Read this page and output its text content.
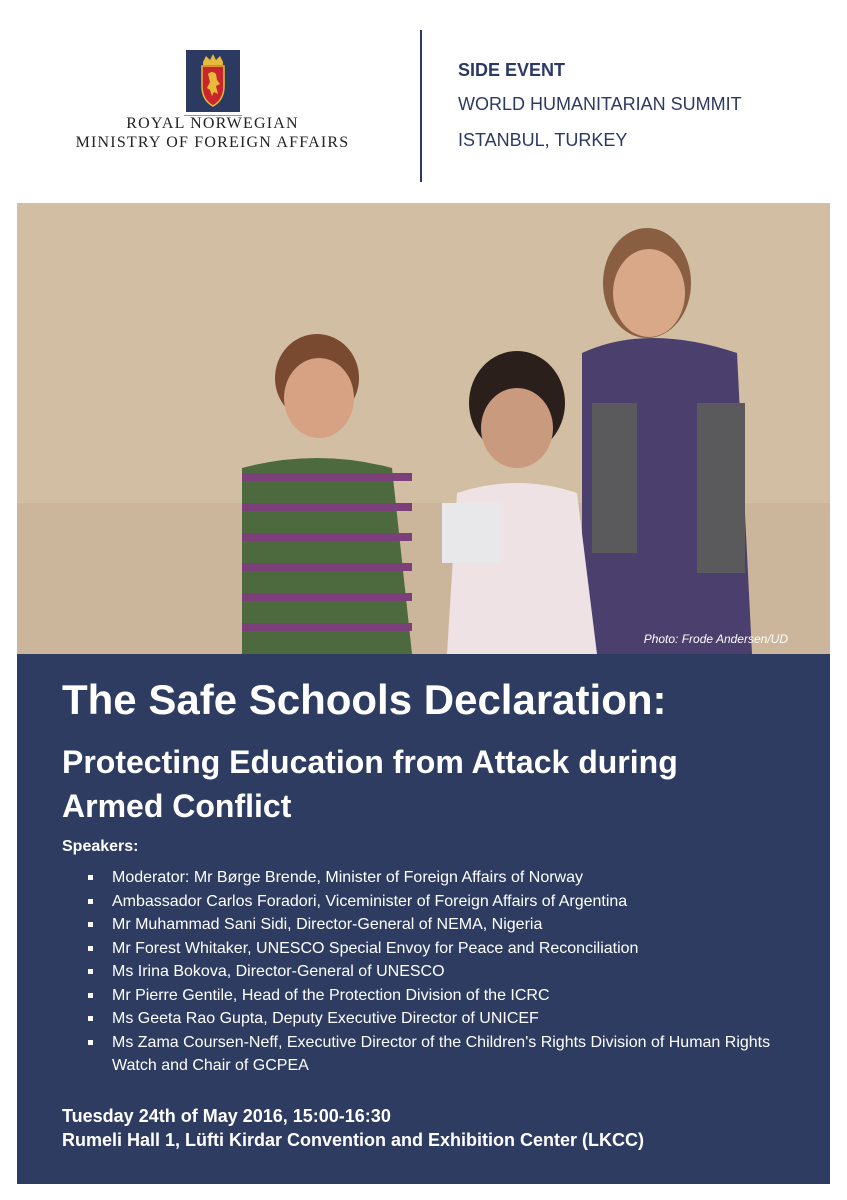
ROYAL NORWEGIAN
MINISTRY OF FOREIGN AFFAIRS
SIDE EVENT
WORLD HUMANITARIAN SUMMIT
ISTANBUL, TURKEY
Photo: Frode Andersen/UD
The Safe Schools Declaration:
Protecting Education from Attack during Armed Conflict
Speakers:
Moderator: Mr Børge Brende, Minister of Foreign Affairs of Norway
Ambassador Carlos Foradori, Viceminister of Foreign Affairs of Argentina
Mr Muhammad Sani Sidi, Director-General of NEMA, Nigeria
Mr Forest Whitaker, UNESCO Special Envoy for Peace and Reconciliation
Ms Irina Bokova, Director-General of UNESCO
Mr Pierre Gentile, Head of the Protection Division of the ICRC
Ms Geeta Rao Gupta, Deputy Executive Director of UNICEF
Ms Zama Coursen-Neff, Executive Director of the Children's Rights Division of Human Rights Watch and Chair of GCPEA
Tuesday 24th of May 2016, 15:00-16:30
Rumeli Hall 1, Lüfti Kirdar Convention and Exhibition Center (LKCC)
